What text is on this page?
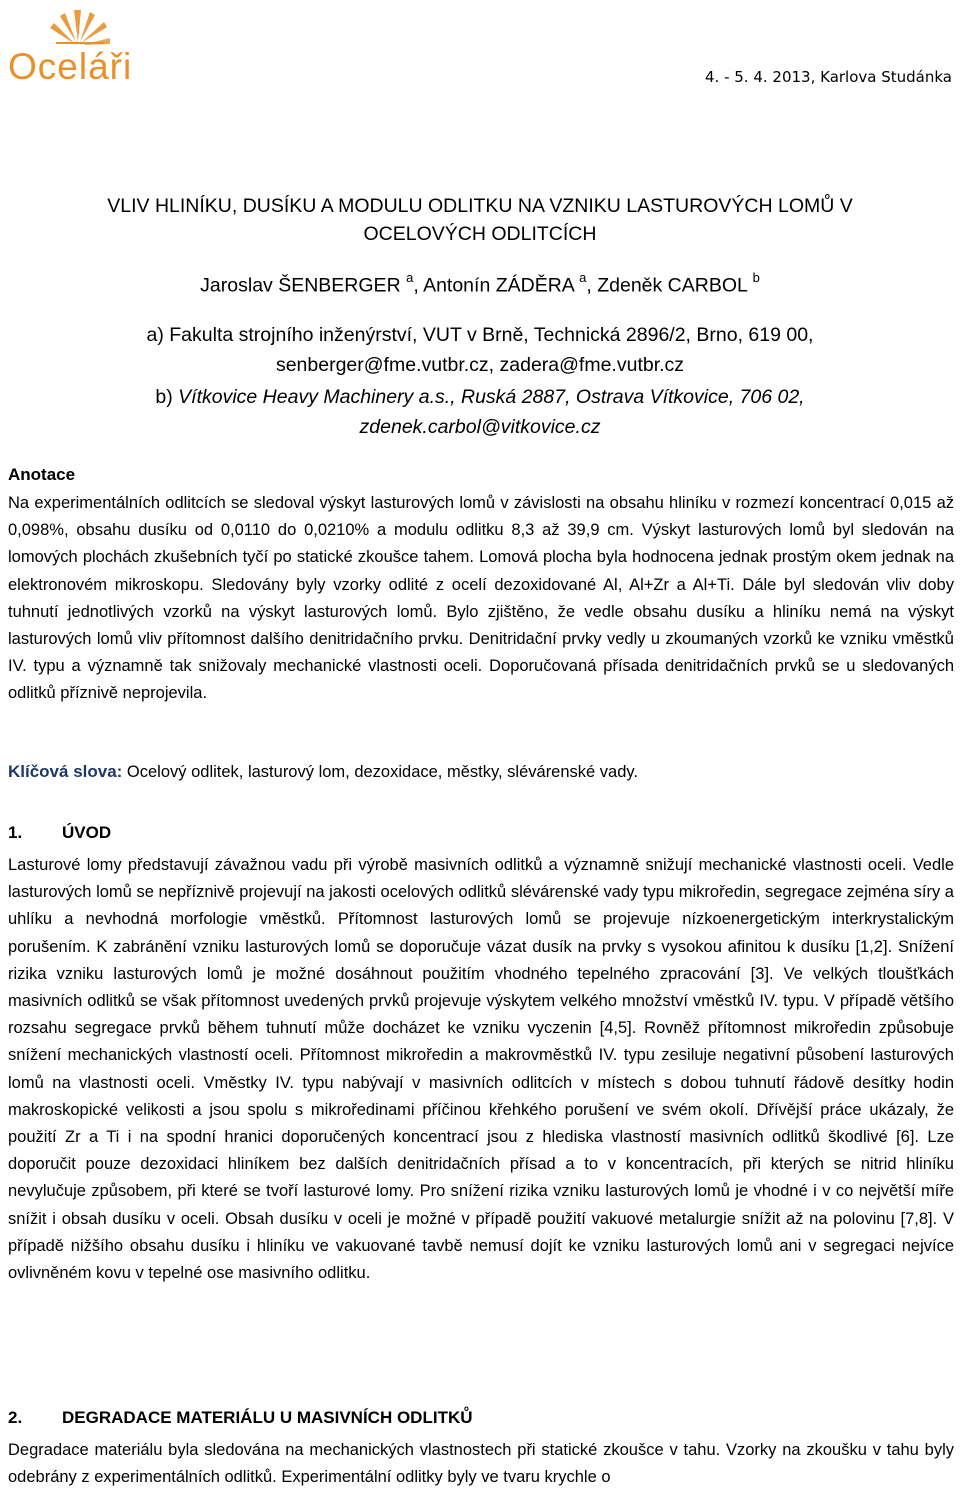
Oceláři	4. - 5. 4. 2013, Karlova Studánka
VLIV HLINÍKU, DUSÍKU A MODULU ODLITKU NA VZNIKU LASTUROVÝCH LOMŮ V
OCELOVÝCH ODLITCÍCH
Jaroslav ŠENBERGER $^a$, Antonín ZÁDĚRA $^a$, Zdeněk CARBOL $^b$
a) Fakulta strojního inženýrství, VUT v Brně, Technická 2896/2, Brno, 619 00,
senberger@fme.vutbr.cz, zadera@fme.vutbr.cz
b) Vítkovice Heavy Machinery a.s., Ruská 2887, Ostrava Vítkovice, 706 02,
zdenek.carbol@vitkovice.cz
Anotace

Na experimentálních odlitcích se sledoval výskyt lasturových lomů v závislosti na obsahu hliníku v rozmezí koncentrací 0,015 až 0,098%, obsahu dusíku od 0,0110 do 0,0210% a modulu odlitku 8,3 až 39,9 cm. Výskyt lasturových lomů byl sledován na lomových plochách zkušebních tyčí po statické zkoušce tahem. Lomová plocha byla hodnocena jednak prostým okem jednak na elektronovém mikroskopu. Sledovány byly vzorky odlité z ocelí dezoxidované Al, Al+Zr a Al+Ti. Dále byl sledován vliv doby tuhnutí jednotlivých vzorků na výskyt lasturových lomů. Bylo zjištěno, že vedle obsahu dusíku a hliníku nemá na výskyt lasturových lomů vliv přítomnost dalšího denitridačního prvku. Denitridační prvky vedly u zkoumaných vzorků ke vzniku vměstků IV. typu a významně tak snižovaly mechanické vlastnosti oceli. Doporučovaná přísada denitridačních prvků se u sledovaných odlitků příznivě neprojevila.

Klíčová slova: Ocelový odlitek, lasturový lom, dezoxidace, městky, slévárenské vady.
1. ÚVOD

Lasturové lomy představují závažnou vadu při výrobě masivních odlitků a významně snižují mechanické vlastnosti oceli. Vedle lasturových lomů se nepříznivě projevují na jakosti ocelových odlitků slévárenské vady typu mikroředin, segregace zejména síry a uhlíku a nevhodná morfologie vměstků. Přítomnost lasturových lomů se projevuje nízkoenergetickým interkrystalickým porušením. K zabránění vzniku lasturových lomů se doporučuje vázat dusík na prvky s vysokou afinitou k dusíku [1,2]. Snížení rizika vzniku lasturových lomů je možné dosáhnout použitím vhodného tepelného zpracování [3]. Ve velkých tloušťkách masivních odlitků se však přítomnost uvedených prvků projevuje výskytem velkého množství vměstků IV. typu. V případě většího rozsahu segregace prvků během tuhnutí může docházet ke vzniku vyczenin [4,5]. Rovněž přítomnost mikroředin způsobuje snížení mechanických vlastností oceli. Přítomnost mikroředin a makrovměstků IV. typu zesiluje negativní působení lasturových lomů na vlastnosti oceli. Vměstky IV. typu nabývají v masivních odlitcích v místech s dobou tuhnutí řádově desítky hodin makroskopické velikosti a jsou spolu s mikroředinami příčinou křehkého porušení ve svém okolí. Dřívější práce ukázaly, že použití Zr a Ti i na spodní hranici doporučených koncentrací jsou z hlediska vlastností masivních odlitků škodlivé [6]. Lze doporučit pouze dezoxidaci hliníkem bez dalších denitridačních přísad a to v koncentracích, při kterých se nitrid hliníku nevylučuje způsobem, při které se tvoří lasturové lomy. Pro snížení rizika vzniku lasturových lomů je vhodné i v co největší míře snížit i obsah dusíku v oceli. Obsah dusíku v oceli je možné v případě použití vakuové metalurgie snížit až na polovinu [7,8]. V případě nižšího obsahu dusíku i hliníku ve vakuované tavbě nemusí dojít ke vzniku lasturových lomů ani v segregaci nejvíce ovlivněném kovu v tepelné ose masivního odlitku.

2. DEGRADACE MATERIÁLU U MASIVNÍCH ODLITKŮ

Degradace materiálu byla sledována na mechanických vlastnostech při statické zkoušce v tahu. Vzorky na zkoušku v tahu byly odebrány z experimentálních odlitků. Experimentální odlitky byly ve tvaru krychle o
